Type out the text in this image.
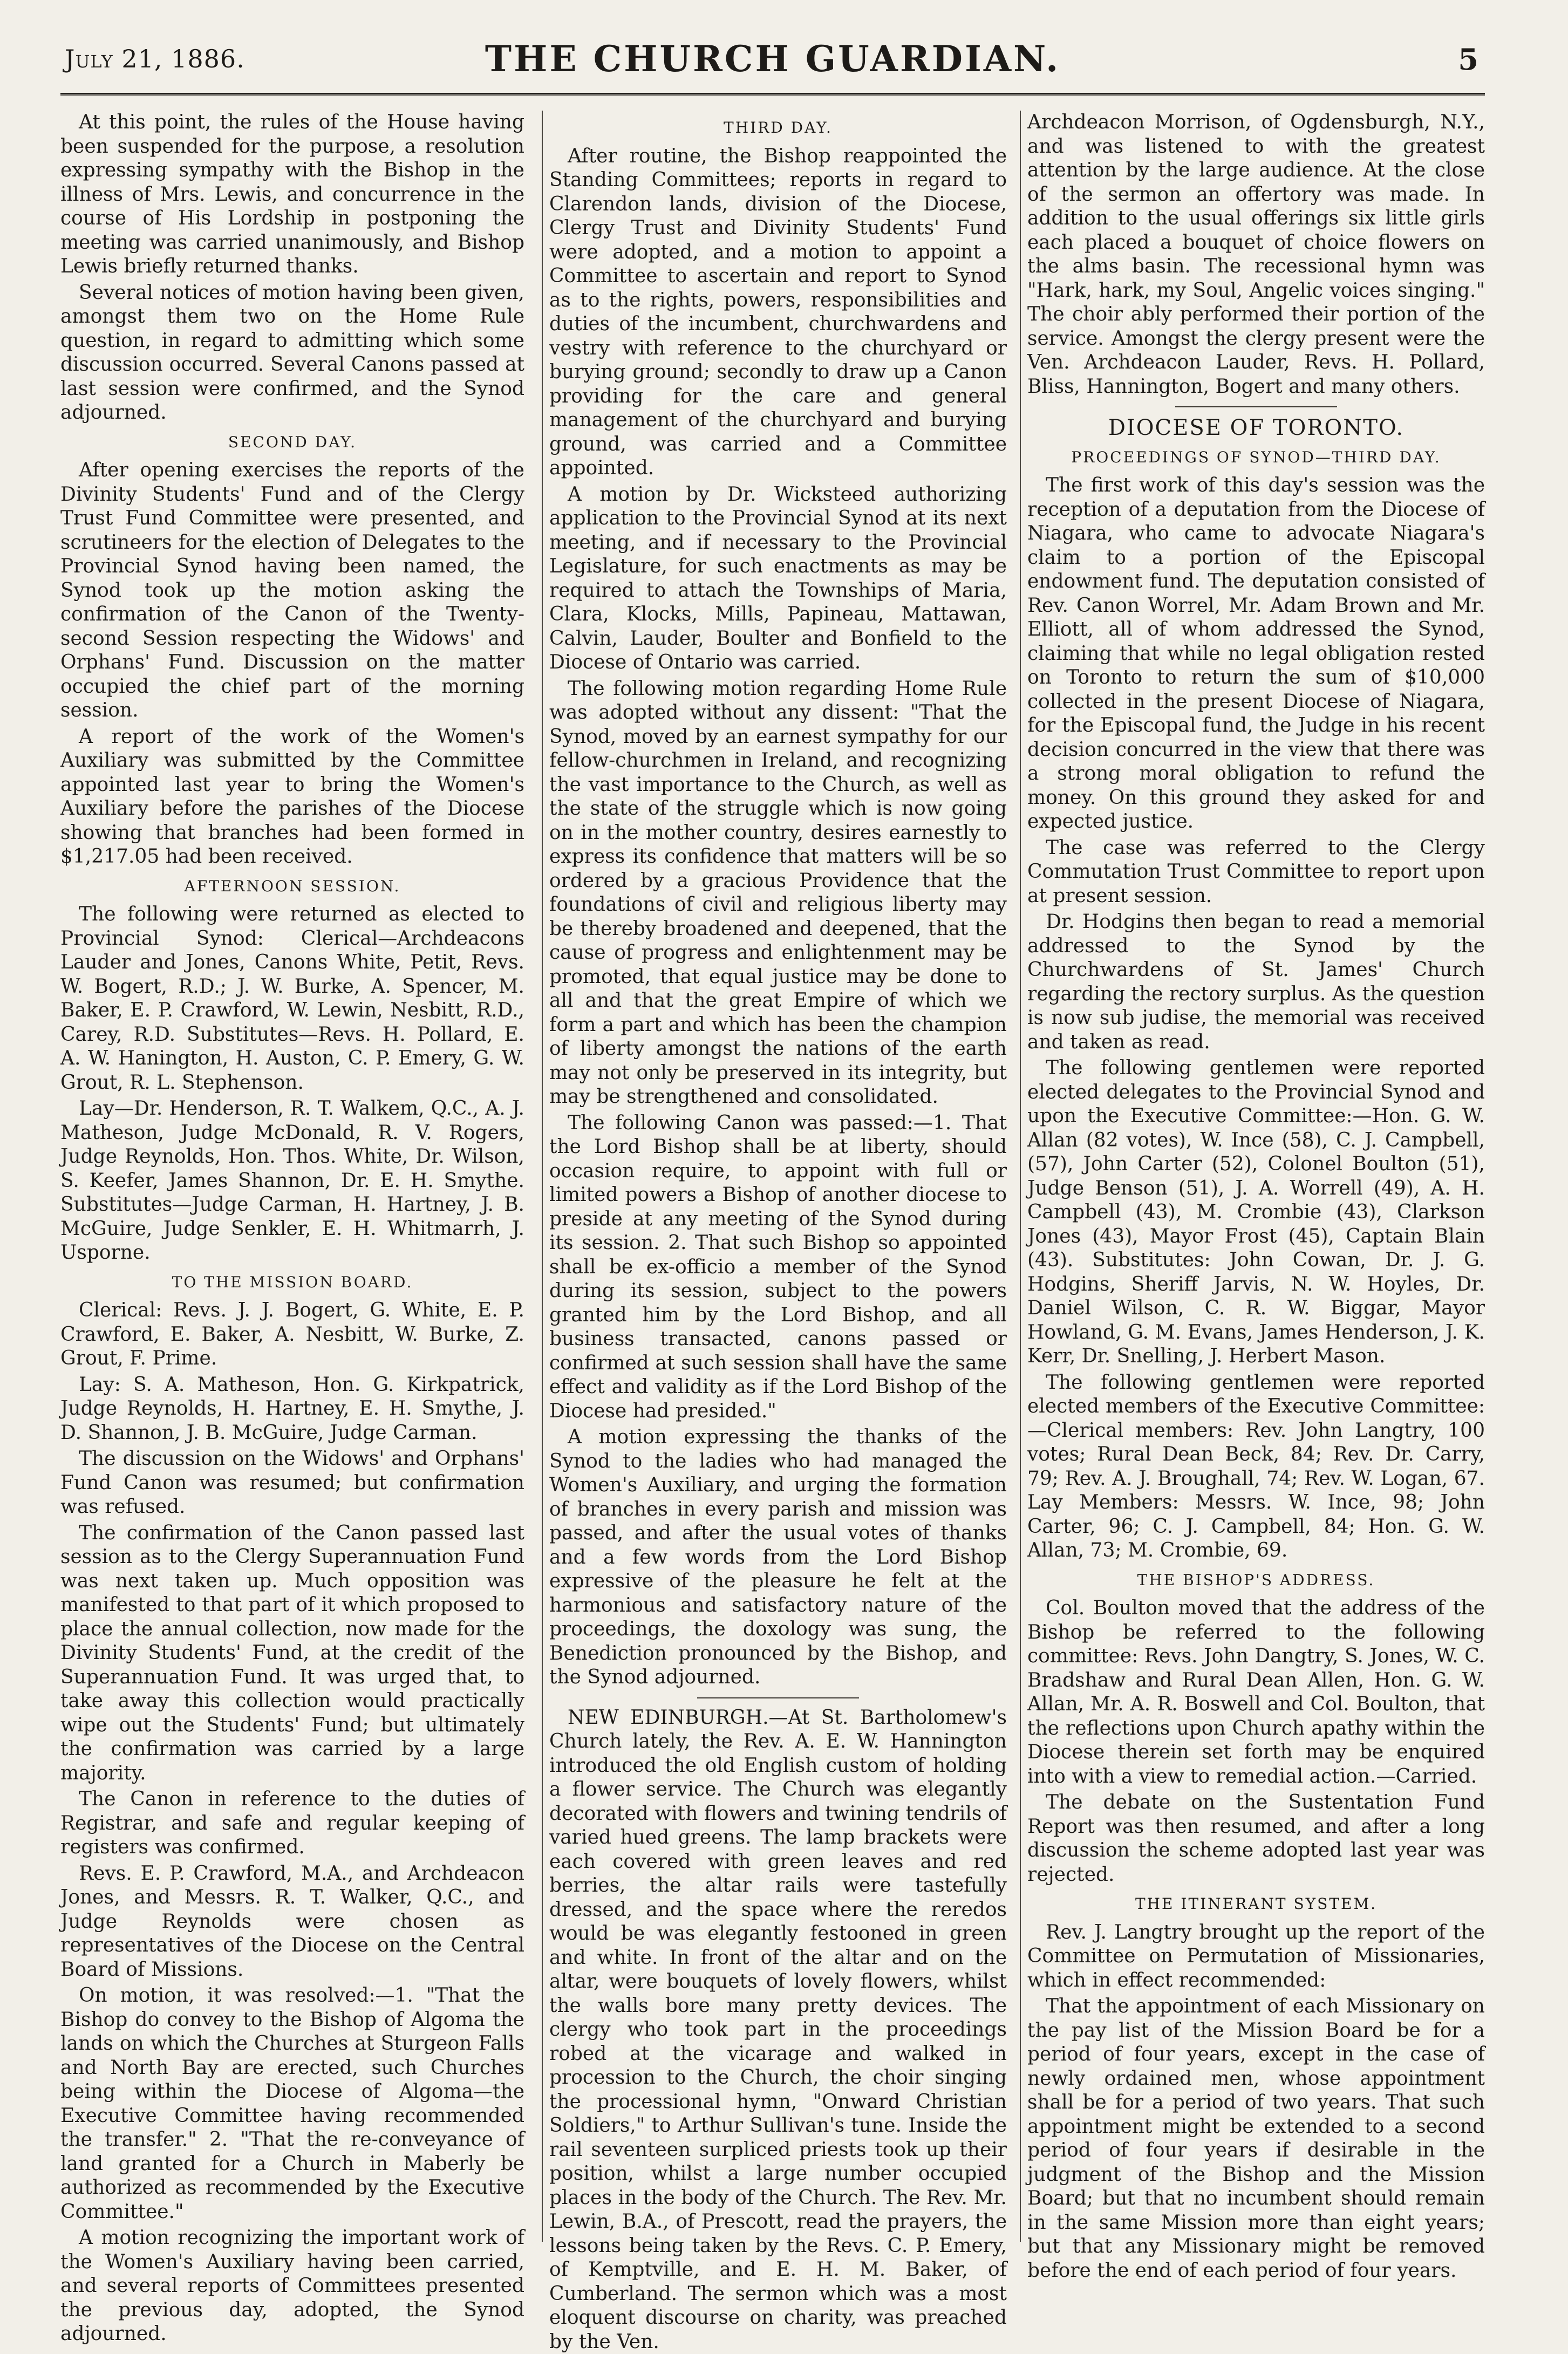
July 21, 1886.	THE CHURCH GUARDIAN.	5

At this point, the rules of the House having been suspended for the purpose, a resolution expressing sympathy with the Bishop in the illness of Mrs. Lewis, and concurrence in the course of His Lordship in postponing the meeting was carried unanimously, and Bishop Lewis briefly returned thanks.

Several notices of motion having been given, amongst them two on the Home Rule question, in regard to admitting which some discussion occurred. Several Canons passed at last session were confirmed, and the Synod adjourned.

SECOND DAY.

After opening exercises the reports of the Divinity Students' Fund and of the Clergy Trust Fund Committee were presented, and scrutineers for the election of Delegates to the Provincial Synod having been named, the Synod took up the motion asking the confirmation of the Canon of the Twenty-second Session respecting the Widows' and Orphans' Fund. Discussion on the matter occupied the chief part of the morning session.

A report of the work of the Women's Auxiliary was submitted by the Committee appointed last year to bring the Women's Auxiliary before the parishes of the Diocese showing that branches had been formed in $1,217.05 had been received.

AFTERNOON SESSION.

The following were returned as elected to Provincial Synod: Clerical—Archdeacons Lauder and Jones, Canons White, Petit, Revs. W. Bogert, R.D.; J. W. Burke, A. Spencer, M. Baker, E. P. Crawford, W. Lewin, Nesbitt, R.D., Carey, R.D. Substitutes—Revs. H. Pollard, E. A. W. Hanington, H. Auston, C. P. Emery, G. W. Grout, R. L. Stephenson.

Lay—Dr. Henderson, R. T. Walkem, Q.C., A. J. Matheson, Judge McDonald, R. V. Rogers, Judge Reynolds, Hon. Thos. White, Dr. Wilson, S. Keefer, James Shannon, Dr. E. H. Smythe. Substitutes—Judge Carman, H. Hartney, J. B. McGuire, Judge Senkler, E. H. Whitmarrh, J. Usporne.

TO THE MISSION BOARD.

Clerical: Revs. J. J. Bogert, G. White, E. P. Crawford, E. Baker, A. Nesbitt, W. Burke, Z. Grout, F. Prime.

Lay: S. A. Matheson, Hon. G. Kirkpatrick, Judge Reynolds, H. Hartney, E. H. Smythe, J. D. Shannon, J. B. McGuire, Judge Carman.

The discussion on the Widows' and Orphans' Fund Canon was resumed; but confirmation was refused.

The confirmation of the Canon passed last session as to the Clergy Superannuation Fund was next taken up. Much opposition was manifested to that part of it which proposed to place the annual collection, now made for the Divinity Students' Fund, at the credit of the Superannuation Fund. It was urged that, to take away this collection would practically wipe out the Students' Fund; but ultimately the confirmation was carried by a large majority.

The Canon in reference to the duties of Registrar, and safe and regular keeping of registers was confirmed.

Revs. E. P. Crawford, M.A., and Archdeacon Jones, and Messrs. R. T. Walker, Q.C., and Judge Reynolds were chosen as representatives of the Diocese on the Central Board of Missions.

On motion, it was resolved:—1. "That the Bishop do convey to the Bishop of Algoma the lands on which the Churches at Sturgeon Falls and North Bay are erected, such Churches being within the Diocese of Algoma—the Executive Committee having recommended the transfer." 2. "That the re-conveyance of land granted for a Church in Maberly be authorized as recommended by the Executive Committee."

A motion recognizing the important work of the Women's Auxiliary having been carried, and several reports of Committees presented the previous day, adopted, the Synod adjourned.

THIRD DAY.

After routine, the Bishop reappointed the Standing Committees; reports in regard to Clarendon lands, division of the Diocese, Clergy Trust and Divinity Students' Fund were adopted, and a motion to appoint a Committee to ascertain and report to Synod as to the rights, powers, responsibilities and duties of the incumbent, churchwardens and vestry with reference to the churchyard or burying ground; secondly to draw up a Canon providing for the care and general management of the churchyard and burying ground, was carried and a Committee appointed.

A motion by Dr. Wicksteed authorizing application to the Provincial Synod at its next meeting, and if necessary to the Provincial Legislature, for such enactments as may be required to attach the Townships of Maria, Clara, Klocks, Mills, Papineau, Mattawan, Calvin, Lauder, Boulter and Bonfield to the Diocese of Ontario was carried.

The following motion regarding Home Rule was adopted without any dissent: "That the Synod, moved by an earnest sympathy for our fellow-churchmen in Ireland, and recognizing the vast importance to the Church, as well as the state of the struggle which is now going on in the mother country, desires earnestly to express its confidence that matters will be so ordered by a gracious Providence that the foundations of civil and religious liberty may be thereby broadened and deepened, that the cause of progress and enlightenment may be promoted, that equal justice may be done to all and that the great Empire of which we form a part and which has been the champion of liberty amongst the nations of the earth may not only be preserved in its integrity, but may be strengthened and consolidated.

The following Canon was passed:—1. That the Lord Bishop shall be at liberty, should occasion require, to appoint with full or limited powers a Bishop of another diocese to preside at any meeting of the Synod during its session. 2. That such Bishop so appointed shall be ex-officio a member of the Synod during its session, subject to the powers granted him by the Lord Bishop, and all business transacted, canons passed or confirmed at such session shall have the same effect and validity as if the Lord Bishop of the Diocese had presided."

A motion expressing the thanks of the Synod to the ladies who had managed the Women's Auxiliary, and urging the formation of branches in every parish and mission was passed, and after the usual votes of thanks and a few words from the Lord Bishop expressive of the pleasure he felt at the harmonious and satisfactory nature of the proceedings, the doxology was sung, the Benediction pronounced by the Bishop, and the Synod adjourned.

NEW EDINBURGH.—At St. Bartholomew's Church lately, the Rev. A. E. W. Hannington introduced the old English custom of holding a flower service. The Church was elegantly decorated with flowers and twining tendrils of varied hued greens. The lamp brackets were each covered with green leaves and red berries, the altar rails were tastefully dressed, and the space where the reredos would be was elegantly festooned in green and white. In front of the altar and on the altar, were bouquets of lovely flowers, whilst the walls bore many pretty devices. The clergy who took part in the proceedings robed at the vicarage and walked in procession to the Church, the choir singing the processional hymn, "Onward Christian Soldiers," to Arthur Sullivan's tune. Inside the rail seventeen surpliced priests took up their position, whilst a large number occupied places in the body of the Church. The Rev. Mr. Lewin, B.A., of Prescott, read the prayers, the lessons being taken by the Revs. C. P. Emery, of Kemptville, and E. H. M. Baker, of Cumberland. The sermon which was a most eloquent discourse on charity, was preached by the Ven.

Archdeacon Morrison, of Ogdensburgh, N.Y., and was listened to with the greatest attention by the large audience. At the close of the sermon an offertory was made. In addition to the usual offerings six little girls each placed a bouquet of choice flowers on the alms basin. The recessional hymn was "Hark, hark, my Soul, Angelic voices singing." The choir ably performed their portion of the service. Amongst the clergy present were the Ven. Archdeacon Lauder, Revs. H. Pollard, Bliss, Hannington, Bogert and many others.

DIOCESE OF TORONTO.
PROCEEDINGS OF SYNOD—THIRD DAY.

The first work of this day's session was the reception of a deputation from the Diocese of Niagara, who came to advocate Niagara's claim to a portion of the Episcopal endowment fund. The deputation consisted of Rev. Canon Worrel, Mr. Adam Brown and Mr. Elliott, all of whom addressed the Synod, claiming that while no legal obligation rested on Toronto to return the sum of $10,000 collected in the present Diocese of Niagara, for the Episcopal fund, the Judge in his recent decision concurred in the view that there was a strong moral obligation to refund the money. On this ground they asked for and expected justice.

The case was referred to the Clergy Commutation Trust Committee to report upon at present session.

Dr. Hodgins then began to read a memorial addressed to the Synod by the Churchwardens of St. James' Church regarding the rectory surplus. As the question is now sub judise, the memorial was received and taken as read.

The following gentlemen were reported elected delegates to the Provincial Synod and upon the Executive Committee:—Hon. G. W. Allan (82 votes), W. Ince (58), C. J. Campbell, (57), John Carter (52), Colonel Boulton (51), Judge Benson (51), J. A. Worrell (49), A. H. Campbell (43), M. Crombie (43), Clarkson Jones (43), Mayor Frost (45), Captain Blain (43). Substitutes: John Cowan, Dr. J. G. Hodgins, Sheriff Jarvis, N. W. Hoyles, Dr. Daniel Wilson, C. R. W. Biggar, Mayor Howland, G. M. Evans, James Henderson, J. K. Kerr, Dr. Snelling, J. Herbert Mason.

The following gentlemen were reported elected members of the Executive Committee: —Clerical members: Rev. John Langtry, 100 votes; Rural Dean Beck, 84; Rev. Dr. Carry, 79; Rev. A. J. Broughall, 74; Rev. W. Logan, 67. Lay Members: Messrs. W. Ince, 98; John Carter, 96; C. J. Campbell, 84; Hon. G. W. Allan, 73; M. Crombie, 69.

THE BISHOP'S ADDRESS.

Col. Boulton moved that the address of the Bishop be referred to the following committee: Revs. John Dangtry, S. Jones, W. C. Bradshaw and Rural Dean Allen, Hon. G. W. Allan, Mr. A. R. Boswell and Col. Boulton, that the reflections upon Church apathy within the Diocese therein set forth may be enquired into with a view to remedial action.—Carried.

The debate on the Sustentation Fund Report was then resumed, and after a long discussion the scheme adopted last year was rejected.

THE ITINERANT SYSTEM.

Rev. J. Langtry brought up the report of the Committee on Permutation of Missionaries, which in effect recommended:

That the appointment of each Missionary on the pay list of the Mission Board be for a period of four years, except in the case of newly ordained men, whose appointment shall be for a period of two years. That such appointment might be extended to a second period of four years if desirable in the judgment of the Bishop and the Mission Board; but that no incumbent should remain in the same Mission more than eight years; but that any Missionary might be removed before the end of each period of four years.
